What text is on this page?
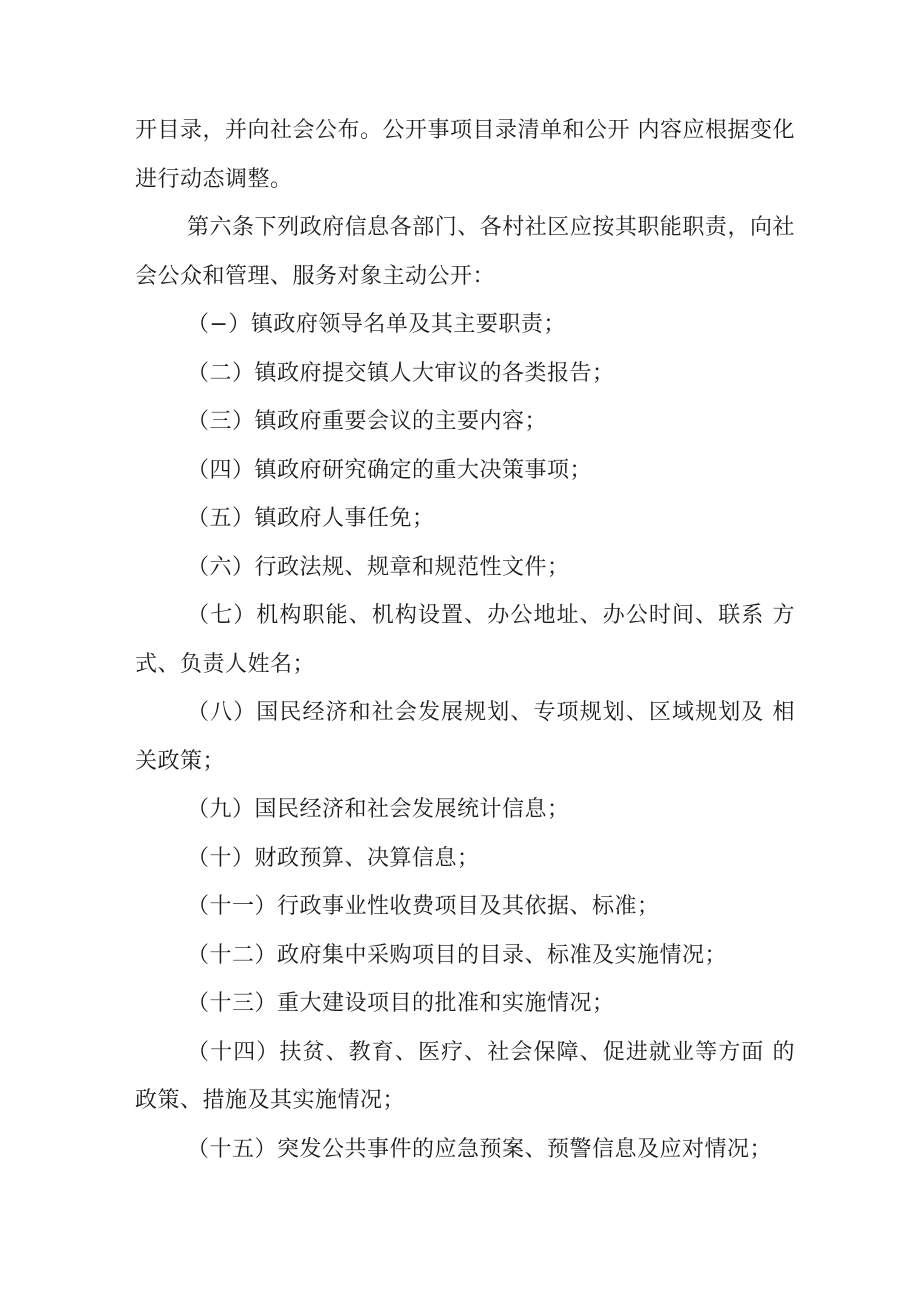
开目录，并向社会公布。公开事项目录清单和公开 内容应根据变化进行动态调整。

第六条下列政府信息各部门、各村社区应按其职能职责，向社会公众和管理、服务对象主动公开：

（−）镇政府领导名单及其主要职责；

（二）镇政府提交镇人大审议的各类报告；

（三）镇政府重要会议的主要内容；

（四）镇政府研究确定的重大决策事项；

（五）镇政府人事任免；

（六）行政法规、规章和规范性文件；

（七）机构职能、机构设置、办公地址、办公时间、联系 方式、负责人姓名；

（八）国民经济和社会发展规划、专项规划、区域规划及 相关政策；

（九）国民经济和社会发展统计信息；

（十）财政预算、决算信息；

（十一）行政事业性收费项目及其依据、标准；

（十二）政府集中采购项目的目录、标准及实施情况；

（十三）重大建设项目的批准和实施情况；

（十四）扶贫、教育、医疗、社会保障、促进就业等方面 的政策、措施及其实施情况；

（十五）突发公共事件的应急预案、预警信息及应对情况；
